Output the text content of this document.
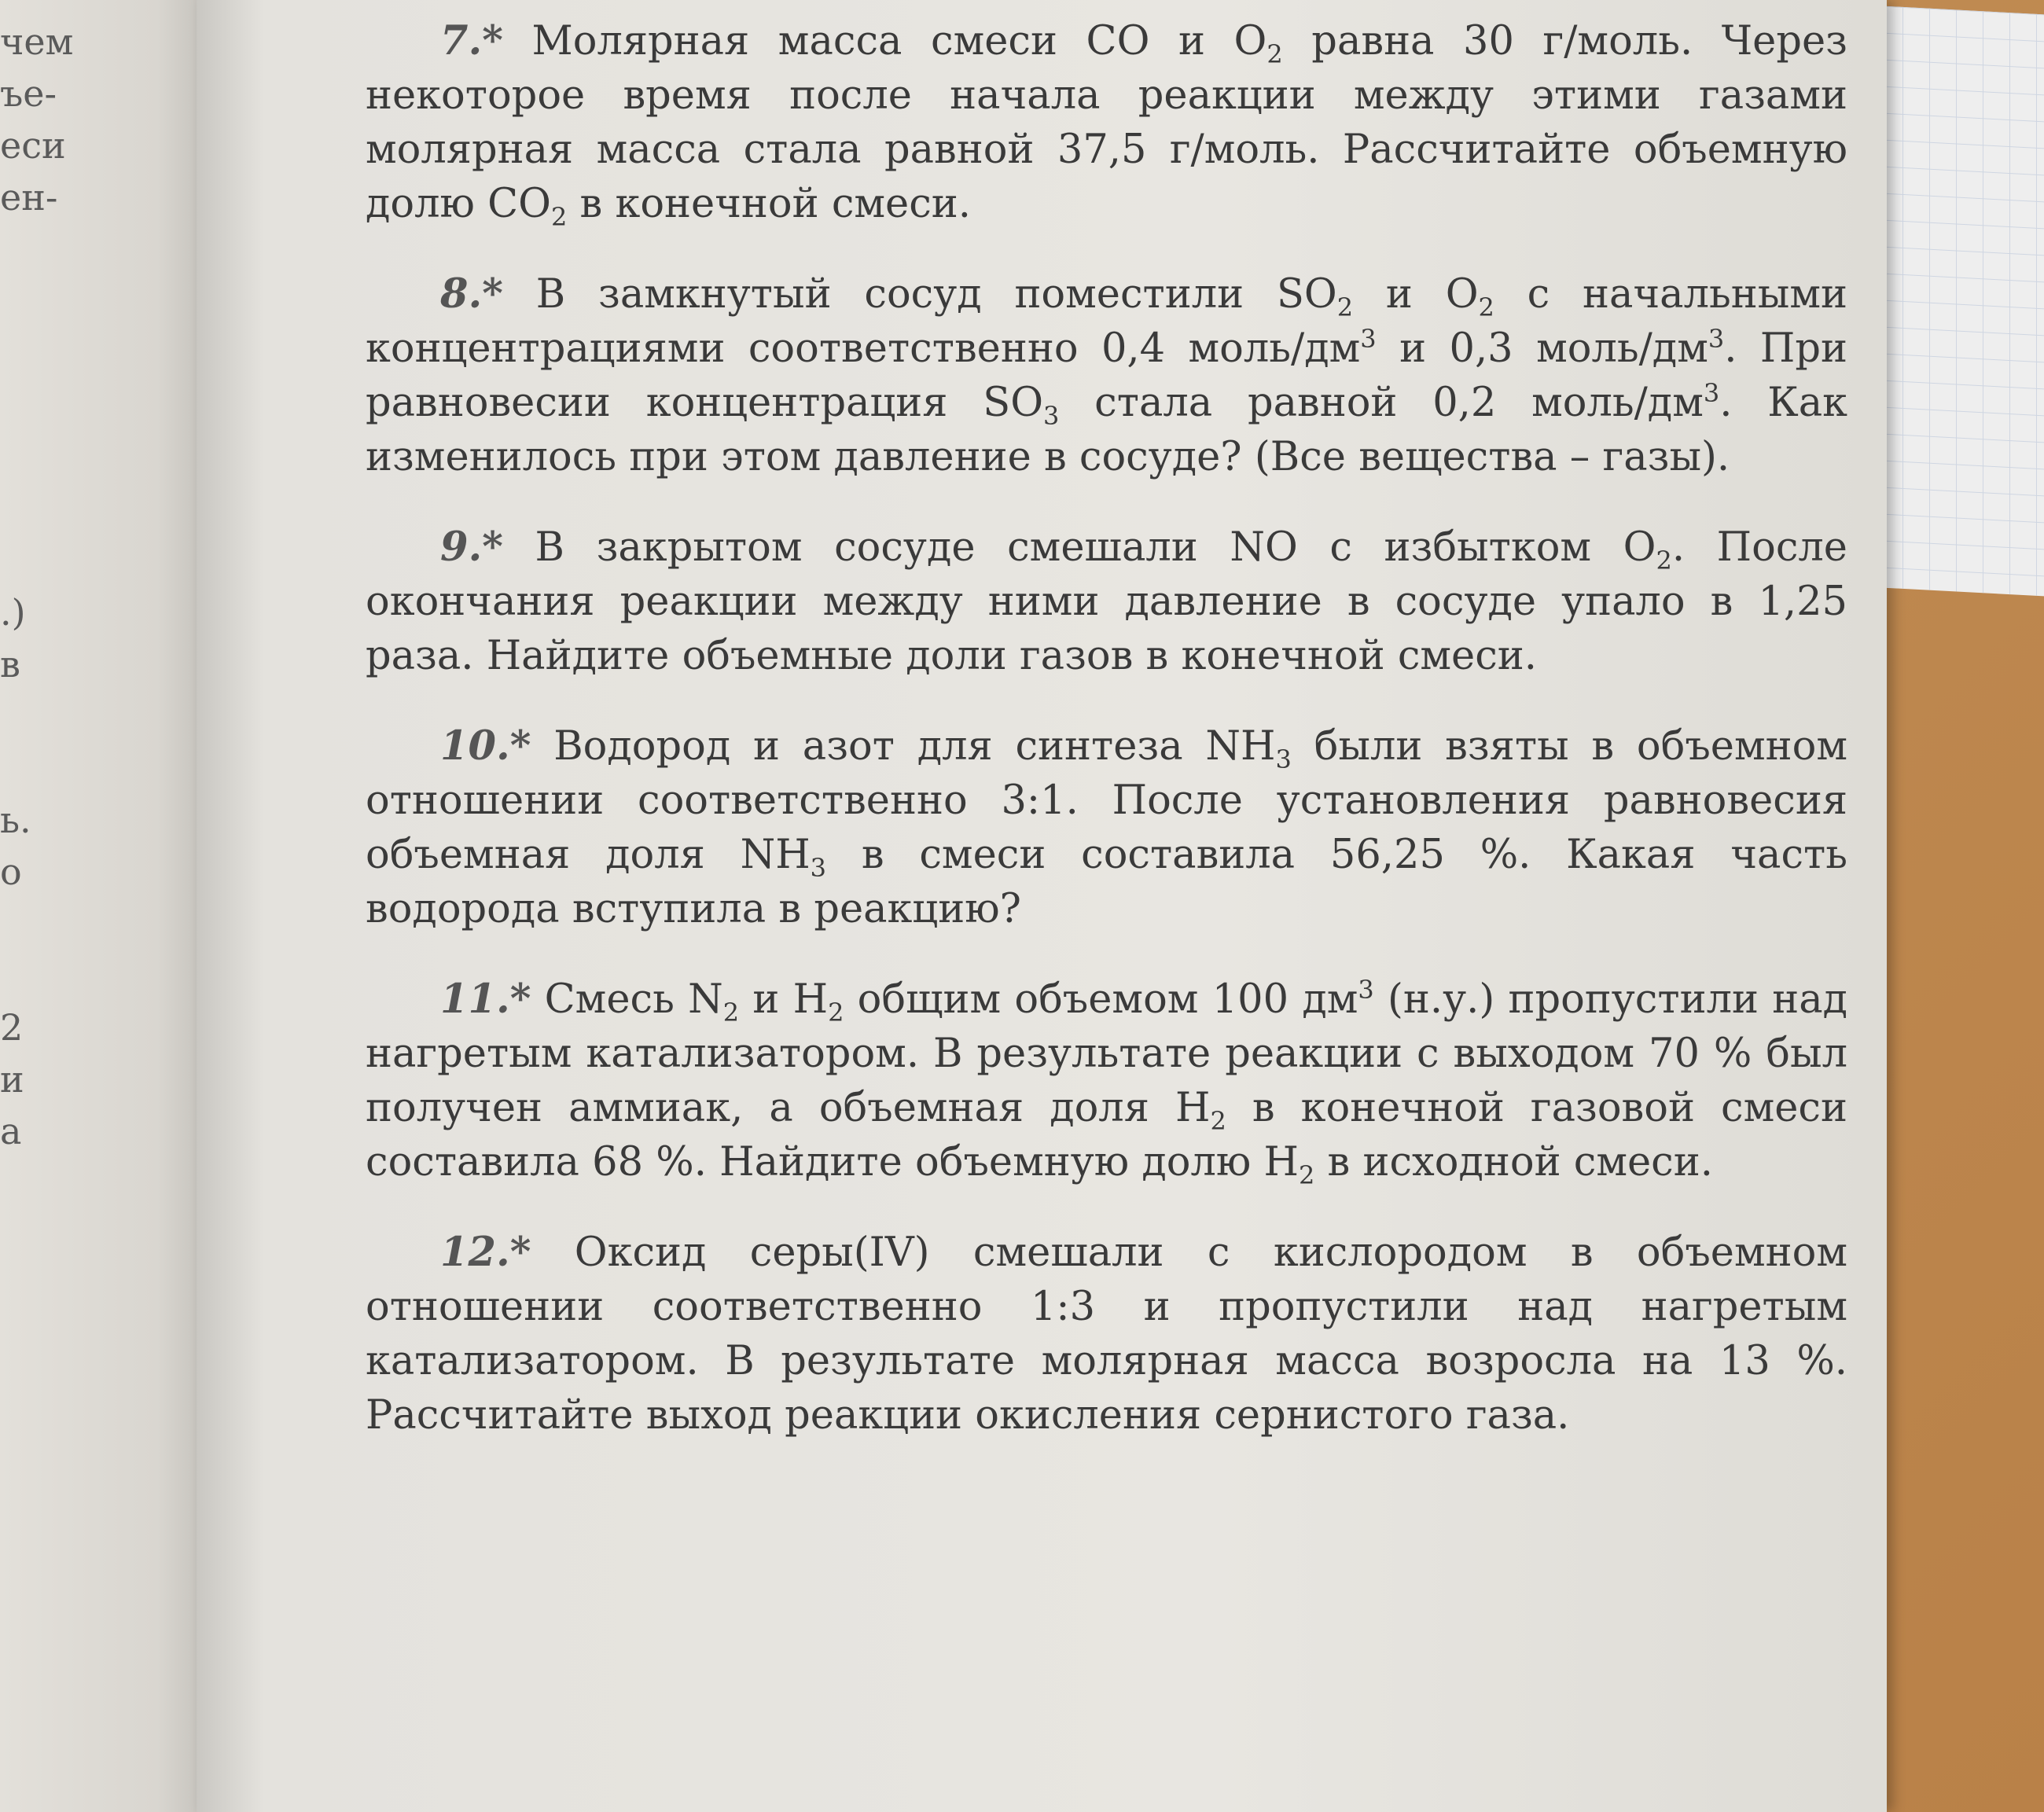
чем
ъе-
еси
ен-

.)
в

ь.
о

2
и
а
7.* Молярная масса смеси CO и $O_2$ равна 30 г/моль. Через некоторое время после начала реакции между этими газами молярная масса стала равной 37,5 г/моль. Рассчитайте объемную долю $CO_2$ в конечной смеси.
8.* В замкнутый сосуд поместили $SO_2$ и $O_2$ с начальными концентрациями соответственно 0,4 моль/$дм^3$ и 0,3 моль/$дм^3$. При равновесии концентрация $SO_3$ стала равной 0,2 моль/$дм^3$. Как изменилось при этом давление в сосуде? (Все вещества – газы).
9.* В закрытом сосуде смешали NO с избытком $O_2$. После окончания реакции между ними давление в сосуде упало в 1,25 раза. Найдите объемные доли газов в конечной смеси.
10.* Водород и азот для синтеза $NH_3$ были взяты в объемном отношении соответственно 3:1. После установления равновесия объемная доля $NH_3$ в смеси составила 56,25 %. Какая часть водорода вступила в реакцию?
11.* Смесь $N_2$ и $H_2$ общим объемом 100 $дм^3$ (н.у.) пропустили над нагретым катализатором. В результате реакции с выходом 70 % был получен аммиак, а объемная доля $H_2$ в конечной газовой смеси составила 68 %. Найдите объемную долю $H_2$ в исходной смеси.
12.* Оксид серы(IV) смешали с кислородом в объемном отношении соответственно 1:3 и пропустили над нагретым катализатором. В результате молярная масса возросла на 13 %. Рассчитайте выход реакции окисления сернистого газа.
